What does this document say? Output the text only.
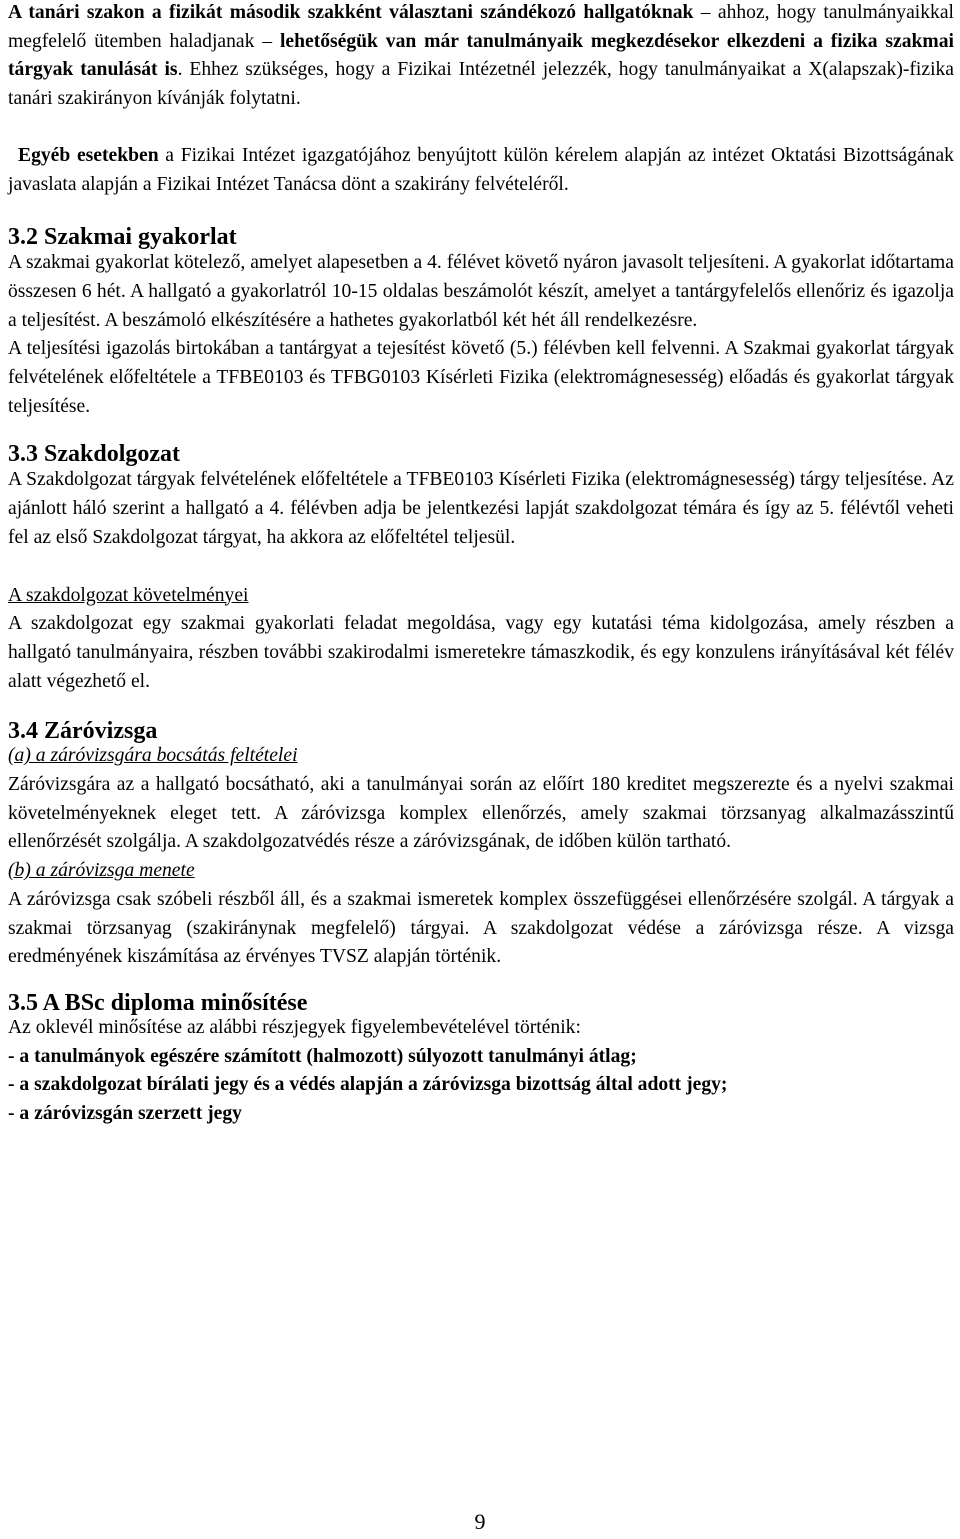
A tanári szakon a fizikát második szakként választani szándékozó hallgatóknak – ahhoz, hogy tanulmányaikkal megfelelő ütemben haladjanak – lehetőségük van már tanulmányaik megkezdésekor elkezdeni a fizika szakmai tárgyak tanulását is. Ehhez szükséges, hogy a Fizikai Intézetnél jelezzék, hogy tanulmányaikat a X(alapszak)-fizika tanári szakirányon kívánják folytatni.

Egyéb esetekben a Fizikai Intézet igazgatójához benyújtott külön kérelem alapján az intézet Oktatási Bizottságának javaslata alapján a Fizikai Intézet Tanácsa dönt a szakirány felvételéről.

3.2 Szakmai gyakorlat

A szakmai gyakorlat kötelező, amelyet alapesetben a 4. félévet követő nyáron javasolt teljesíteni. A gyakorlat időtartama összesen 6 hét. A hallgató a gyakorlatról 10-15 oldalas beszámolót készít, amelyet a tantárgyfelelős ellenőriz és igazolja a teljesítést. A beszámoló elkészítésére a hathetes gyakorlatból két hét áll rendelkezésre.

A teljesítési igazolás birtokában a tantárgyat a tejesítést követő (5.) félévben kell felvenni. A Szakmai gyakorlat tárgyak felvételének előfeltétele a TFBE0103 és TFBG0103 Kísérleti Fizika (elektromágnesesség) előadás és gyakorlat tárgyak teljesítése.

3.3 Szakdolgozat

A Szakdolgozat tárgyak felvételének előfeltétele a TFBE0103 Kísérleti Fizika (elektromágnesesség) tárgy teljesítése. Az ajánlott háló szerint a hallgató a 4. félévben adja be jelentkezési lapját szakdolgozat témára és így az 5. félévtől veheti fel az első Szakdolgozat tárgyat, ha akkora az előfeltétel teljesül.

A szakdolgozat követelményei

A szakdolgozat egy szakmai gyakorlati feladat megoldása, vagy egy kutatási téma kidolgozása, amely részben a hallgató tanulmányaira, részben további szakirodalmi ismeretekre támaszkodik, és egy konzulens irányításával két félév alatt végezhető el.

3.4 Záróvizsga

(a) a záróvizsgára bocsátás feltételei

Záróvizsgára az a hallgató bocsátható, aki a tanulmányai során az előírt 180 kreditet megszerezte és a nyelvi szakmai követelményeknek eleget tett. A záróvizsga komplex ellenőrzés, amely szakmai törzsanyag alkalmazásszintű ellenőrzését szolgálja. A szakdolgozatvédés része a záróvizsgának, de időben külön tartható.

(b) a záróvizsga menete

A záróvizsga csak szóbeli részből áll, és a szakmai ismeretek komplex összefüggései ellenőrzésére szolgál. A tárgyak a szakmai törzsanyag (szakiránynak megfelelő) tárgyai. A szakdolgozat védése a záróvizsga része. A vizsga eredményének kiszámítása az érvényes TVSZ alapján történik.

3.5 A BSc diploma minősítése

Az oklevél minősítése az alábbi részjegyek figyelembevételével történik:

- a tanulmányok egészére számított (halmozott) súlyozott tanulmányi átlag;

- a szakdolgozat bírálati jegy és a védés alapján a záróvizsga bizottság által adott jegy;

- a záróvizsgán szerzett jegy

9
